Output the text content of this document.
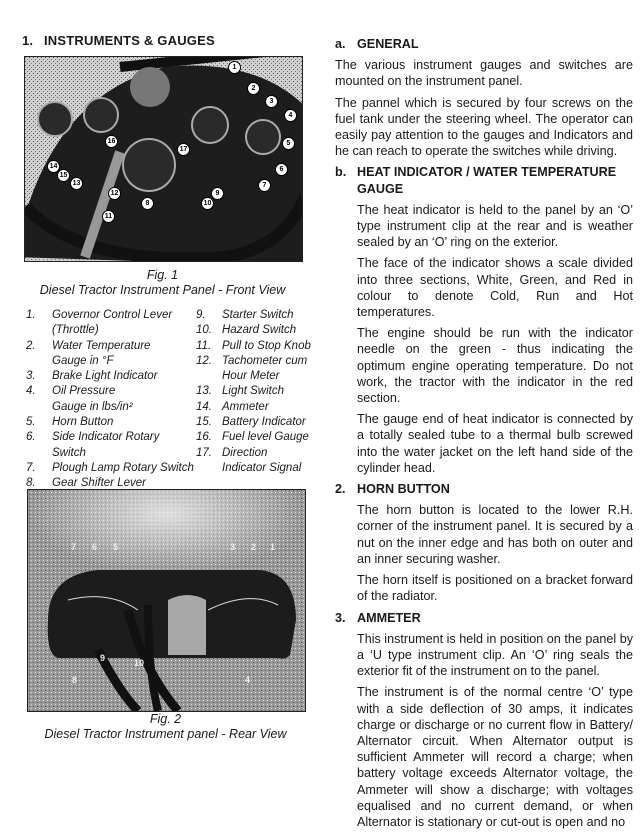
1. INSTRUMENTS & GAUGES
1
2
3
4
5
6
7
8
9
10
11
12
13
14
15
16
17
Fig. 1
Diesel Tractor Instrument Panel - Front View
1.	Governor Control Lever
(Throttle)
2.	Water Temperature
Gauge in °F
3.	Brake Light Indicator
4.	Oil Pressure
Gauge in lbs/in²
5.	Horn Button
6.	Side Indicator Rotary Switch
7.	Plough Lamp Rotary Switch
8.	Gear Shifter Lever
9.	Starter Switch
10. Hazard Switch
11. Pull to Stop Knob
12. Tachometer cum
Hour Meter
13. Light Switch
14. Ammeter
15. Battery Indicator
16. Fuel level Gauge
17. Direction
Indicator Signal
7 6 5	3 2 1
8
9	10
4
Fig. 2
Diesel Tractor Instrument panel - Rear View
a. GENERAL

The various instrument gauges and switches are mounted on the instrument panel.

The pannel which is secured by four screws on the fuel tank under the steering wheel. The operator can easily pay attention to the gauges and Indicators and he can reach to operate the switches while driving.

b. HEAT INDICATOR / WATER TEMPERATURE GAUGE

The heat indicator is held to the panel by an ‘O’ type instrument clip at the rear and is weather sealed by an ‘O’ ring on the exterior.

The face of the indicator shows a scale divided into three sections, White, Green, and Red in colour to denote Cold, Run and Hot temperatures.

The engine should be run with the indicator needle on the green - thus indicating the optimum engine operating temperature. Do not work, the tractor with the indicator in the red section.

The gauge end of heat indicator is connected by a totally sealed tube to a thermal bulb screwed into the water jacket on the left hand side of the cylinder head.

2. HORN BUTTON

The horn button is located to the lower R.H. corner of the instrument panel. It is secured by a nut on the inner edge and has both on outer and an inner securing washer.

The horn itself is positioned on a bracket forward of the radiator.

3. AMMETER

This instrument is held in position on the panel by a ‘U type instrument clip. An ‘O’ ring seals the exterior fit of the instrument on to the panel.

The instrument is of the normal centre ‘O’ type with a side deflection of 30 amps, it indicates charge or discharge or no current flow in Battery/ Alternator circuit. When Alternator output is sufficient Ammeter will record a charge; when battery voltage exceeds Alternator voltage, the Ammeter will show a discharge; with voltages equalised and no current demand, or when Alternator is stationary or cut-out is open and no
